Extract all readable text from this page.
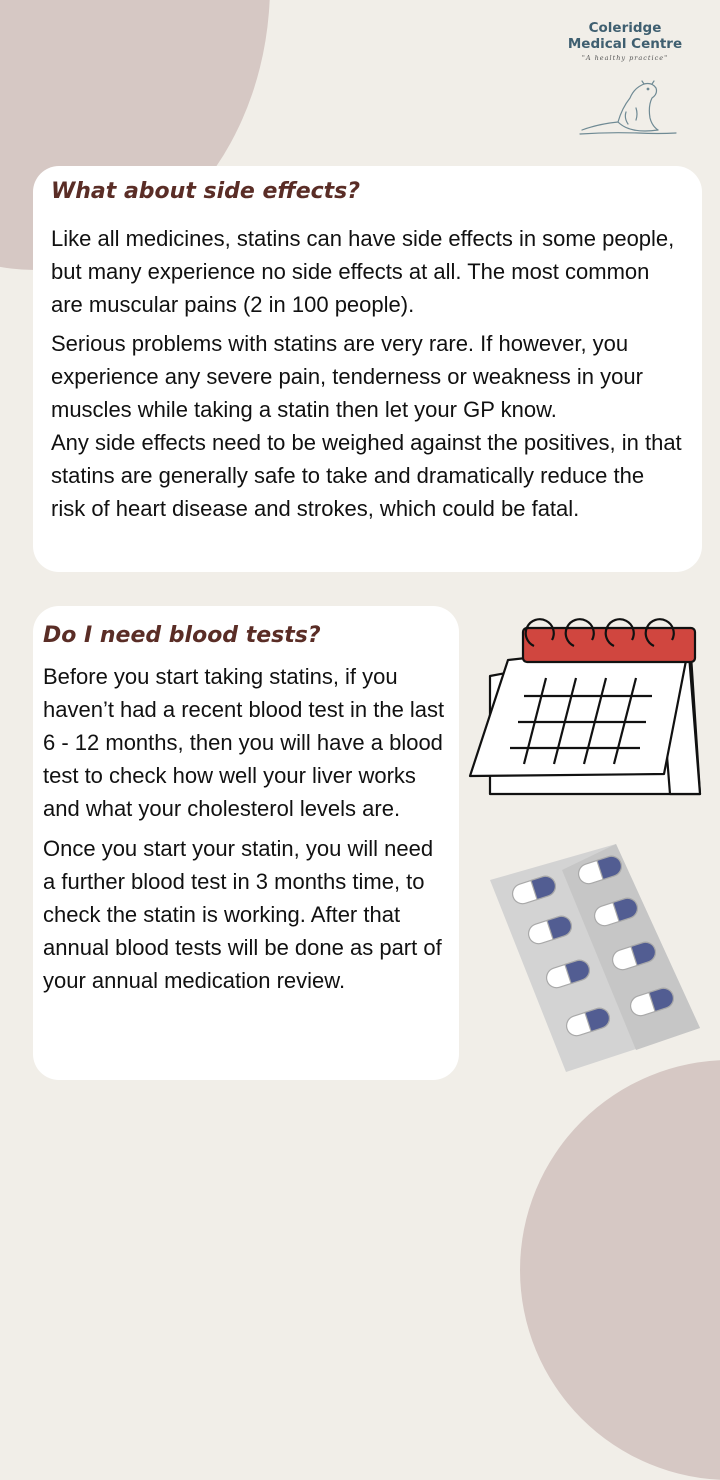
Coleridge
Medical Centre
"A healthy practice"
What about side effects?

Like all medicines, statins can have side effects in some people, but many experience no side effects at all. The most common are muscular pains (2 in 100 people).

Serious problems with statins are very rare. If however, you experience any severe pain, tenderness or weakness in your muscles while taking a statin then let your GP know.

Any side effects need to be weighed against the positives, in that statins are generally safe to take and dramatically reduce the risk of heart disease and strokes, which could be fatal.

Do I need blood tests?

Before you start taking statins, if you haven’t had a recent blood test in the last 6 - 12 months, then you will have a blood test to check how well your liver works and what your cholesterol levels are.

Once you start your statin, you will need a further blood test in 3 months time, to check the statin is working. After that annual blood tests will be done as part of your annual medication review.
